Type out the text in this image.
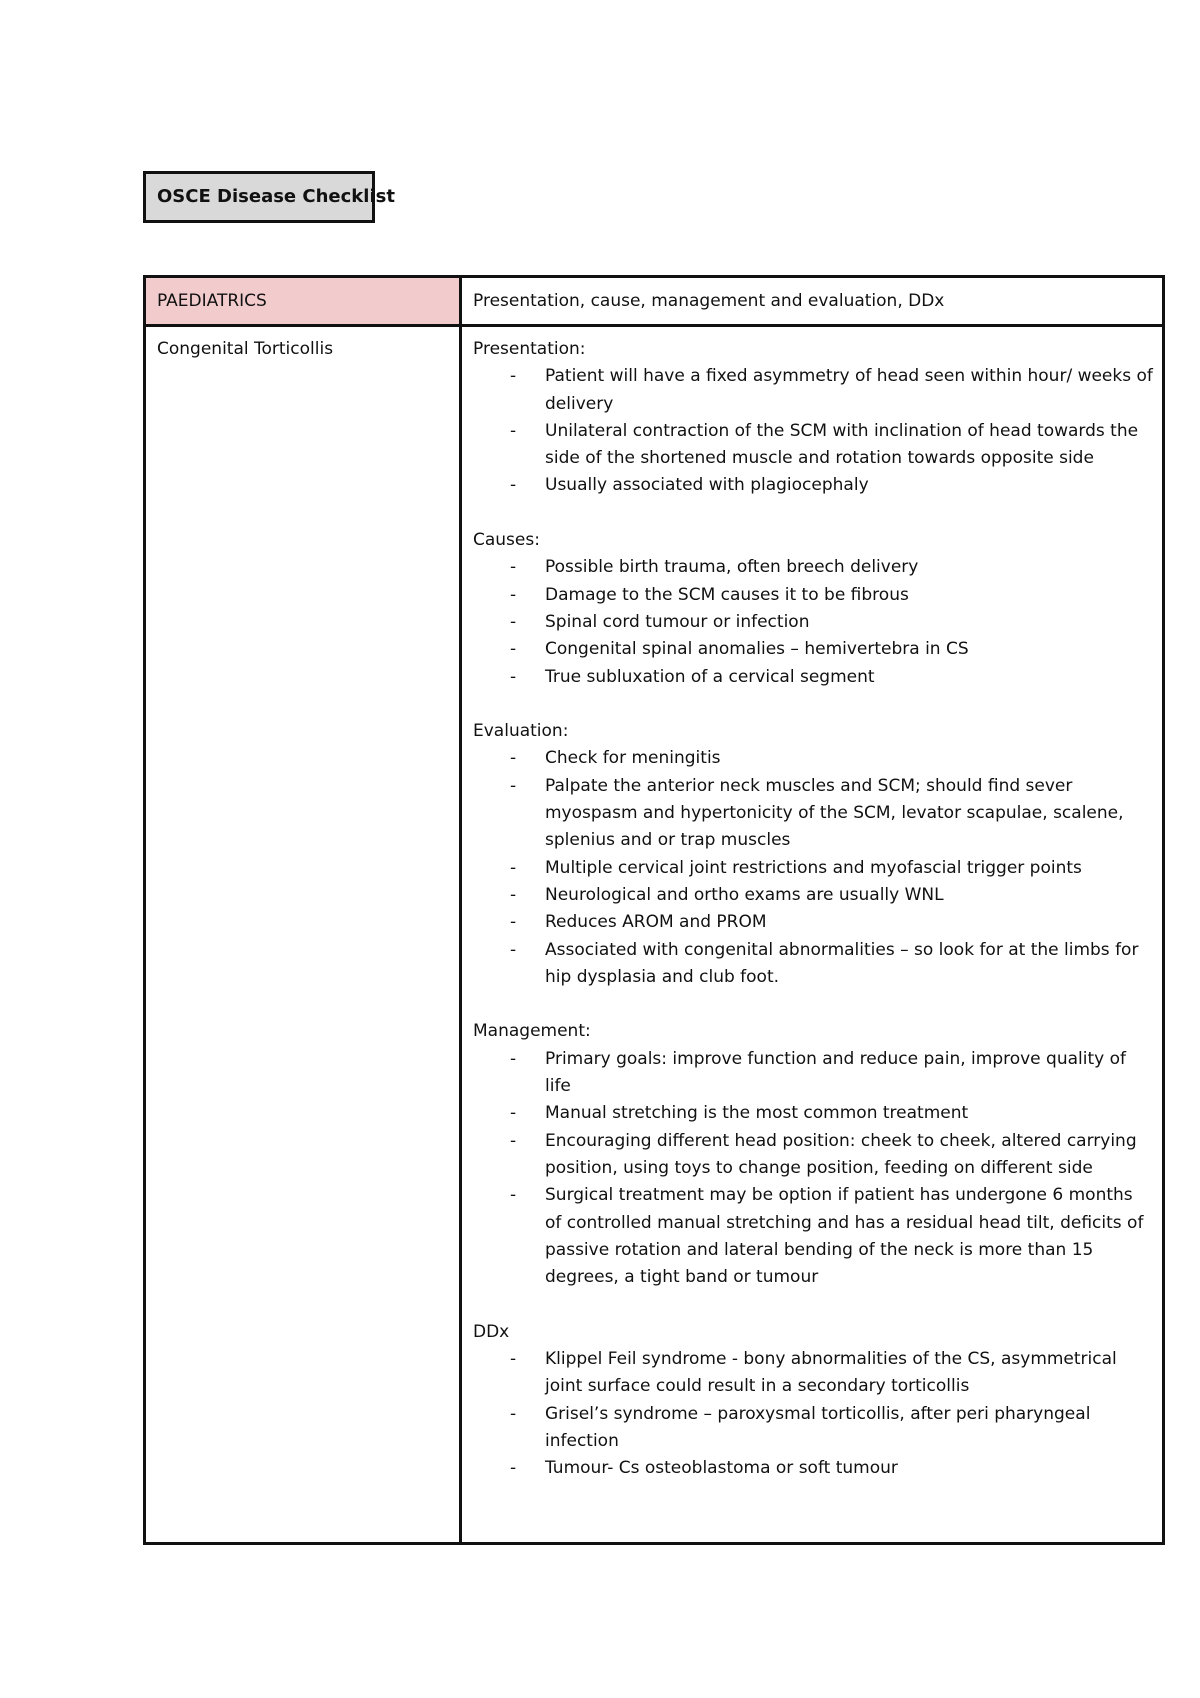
OSCE Disease Checklist
PAEDIATRICS	Presentation, cause, management and evaluation, DDx
Congenital Torticollis	Presentation:
- Patient will have a fixed asymmetry of head seen within hour/ weeks of delivery
- Unilateral contraction of the SCM with inclination of head towards the side of the shortened muscle and rotation towards opposite side
- Usually associated with plagiocephaly
Causes:
- Possible birth trauma, often breech delivery
- Damage to the SCM causes it to be fibrous
- Spinal cord tumour or infection
- Congenital spinal anomalies – hemivertebra in CS
- True subluxation of a cervical segment
Evaluation:
- Check for meningitis
- Palpate the anterior neck muscles and SCM; should find sever myospasm and hypertonicity of the SCM, levator scapulae, scalene, splenius and or trap muscles
- Multiple cervical joint restrictions and myofascial trigger points
- Neurological and ortho exams are usually WNL
- Reduces AROM and PROM
- Associated with congenital abnormalities – so look for at the limbs for hip dysplasia and club foot.
Management:
- Primary goals: improve function and reduce pain, improve quality of life
- Manual stretching is the most common treatment
- Encouraging different head position: cheek to cheek, altered carrying position, using toys to change position, feeding on different side
- Surgical treatment may be option if patient has undergone 6 months of controlled manual stretching and has a residual head tilt, deficits of passive rotation and lateral bending of the neck is more than 15 degrees, a tight band or tumour
DDx
- Klippel Feil syndrome - bony abnormalities of the CS, asymmetrical joint surface could result in a secondary torticollis
- Grisel’s syndrome – paroxysmal torticollis, after peri pharyngeal infection
- Tumour- Cs osteoblastoma or soft tumour
